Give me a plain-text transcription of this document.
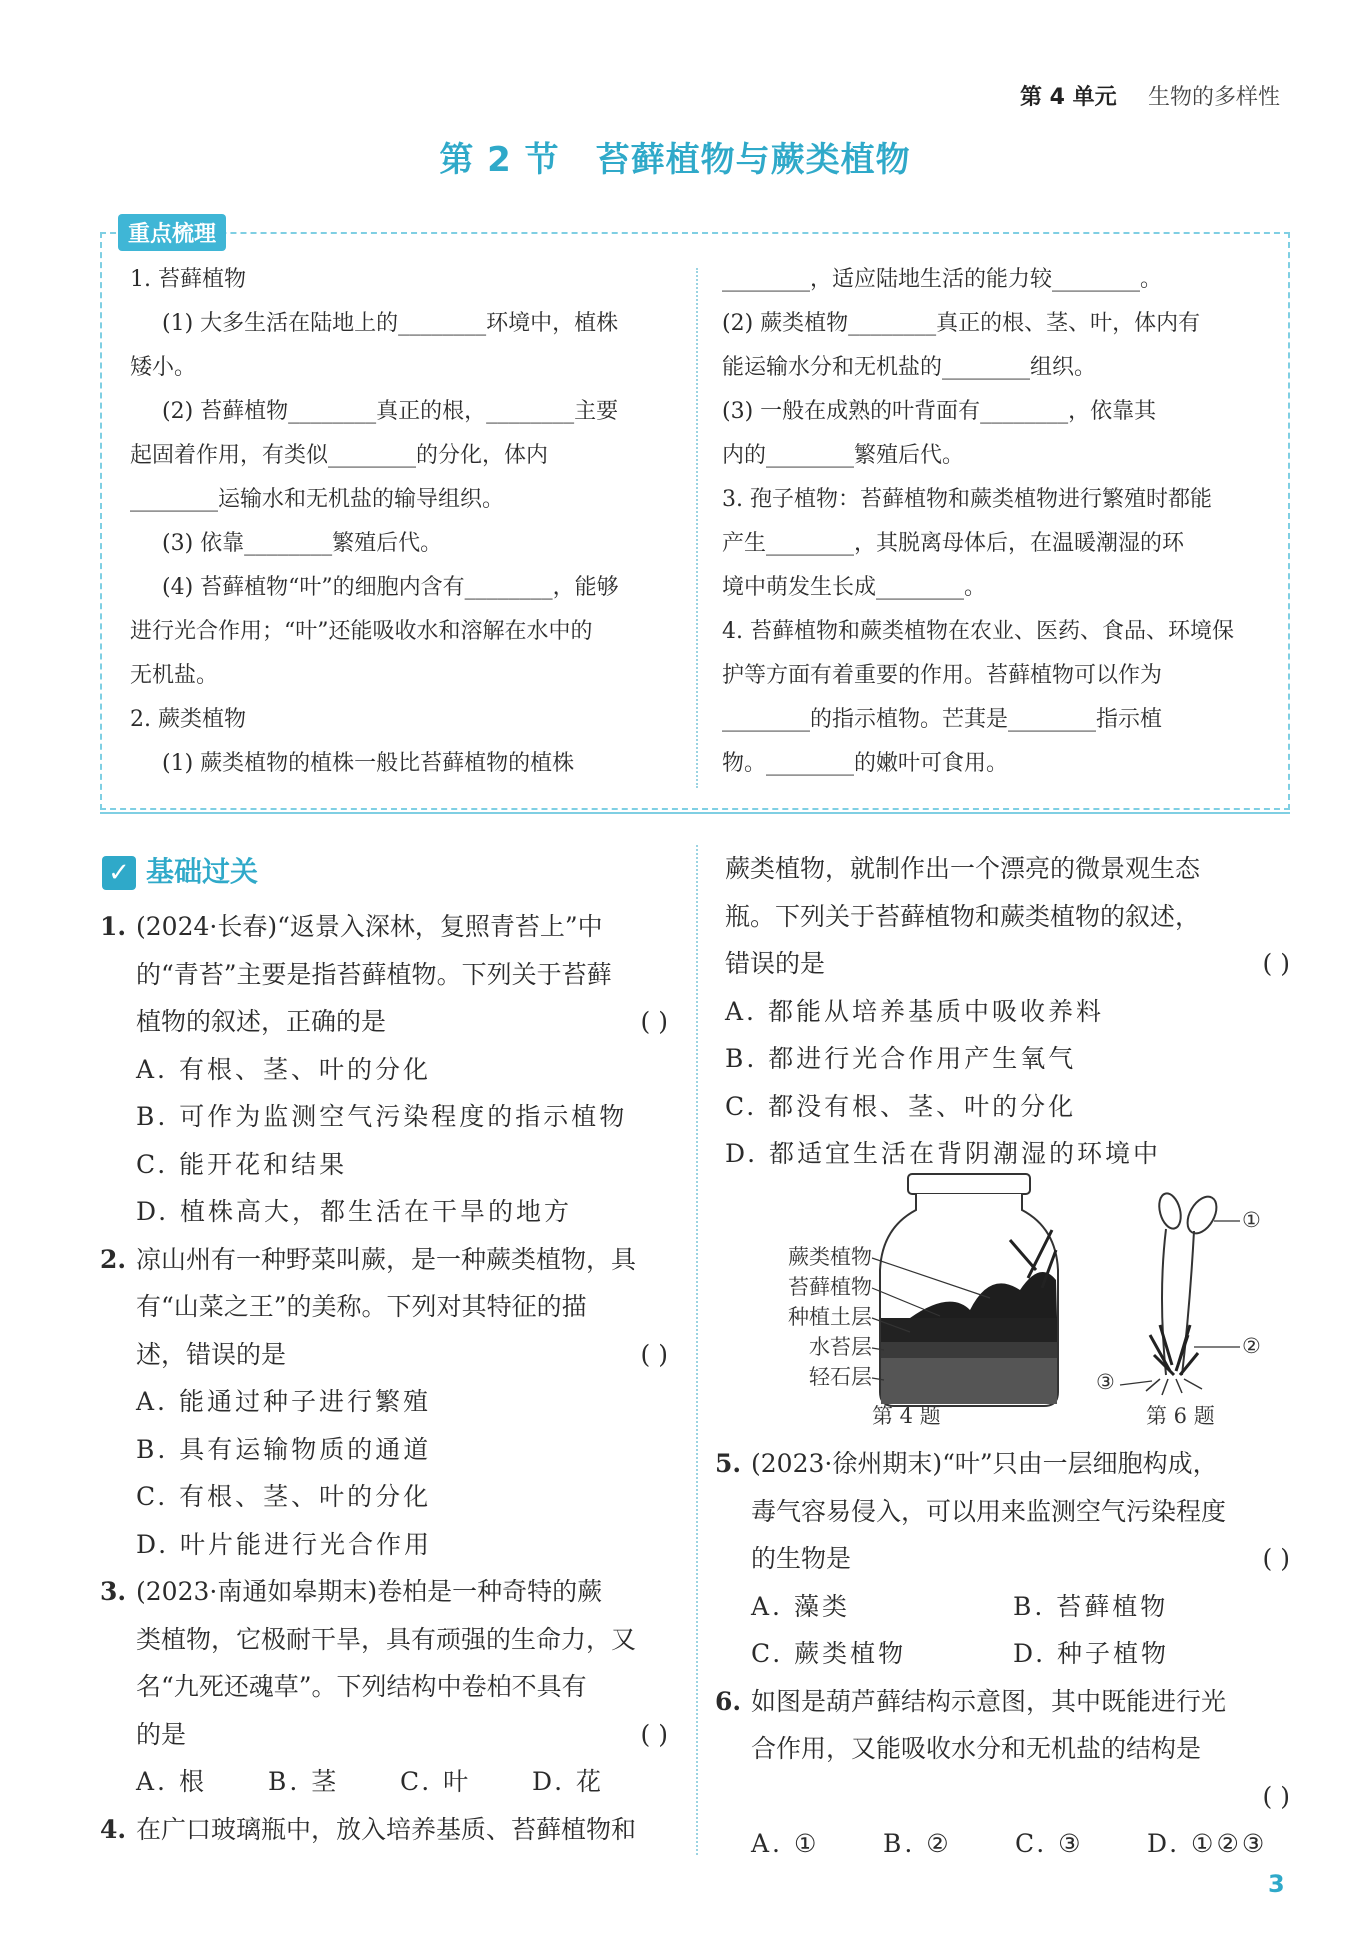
第 4 单元 生物的多样性
第 2 节 苔藓植物与蕨类植物
重点梳理

1. 苔藓植物

(1) 大多生活在陆地上的________环境中，植株

矮小。

(2) 苔藓植物________真正的根，________主要

起固着作用，有类似________的分化，体内

________运输水和无机盐的输导组织。

(3) 依靠________繁殖后代。

(4) 苔藓植物“叶”的细胞内含有________，能够

进行光合作用；“叶”还能吸收水和溶解在水中的

无机盐。

2. 蕨类植物

(1) 蕨类植物的植株一般比苔藓植物的植株

________，适应陆地生活的能力较________。

(2) 蕨类植物________真正的根、茎、叶，体内有

能运输水分和无机盐的________组织。

(3) 一般在成熟的叶背面有________，依靠其

内的________繁殖后代。

3. 孢子植物：苔藓植物和蕨类植物进行繁殖时都能

产生________，其脱离母体后，在温暖潮湿的环

境中萌发生长成________。

4. 苔藓植物和蕨类植物在农业、医药、食品、环境保

护等方面有着重要的作用。苔藓植物可以作为

________的指示植物。芒萁是________指示植

物。________的嫩叶可食用。

✓ 基础过关

1. (2024·长春)“返景入深林，复照青苔上”中

的“青苔”主要是指苔藓植物。下列关于苔藓

植物的叙述，正确的是	( )

A. 有根、茎、叶的分化

B. 可作为监测空气污染程度的指示植物

C. 能开花和结果

D. 植株高大，都生活在干旱的地方

2. 凉山州有一种野菜叫蕨，是一种蕨类植物，具

有“山菜之王”的美称。下列对其特征的描

述，错误的是	( )

A. 能通过种子进行繁殖

B. 具有运输物质的通道

C. 有根、茎、叶的分化

D. 叶片能进行光合作用

3. (2023·南通如皋期末)卷柏是一种奇特的蕨

类植物，它极耐干旱，具有顽强的生命力，又

名“九死还魂草”。下列结构中卷柏不具有

的是	( )

A. 根	B. 茎	C. 叶	D. 花

4. 在广口玻璃瓶中，放入培养基质、苔藓植物和

蕨类植物，就制作出一个漂亮的微景观生态

瓶。下列关于苔藓植物和蕨类植物的叙述，

错误的是	( )

A. 都能从培养基质中吸收养料

B. 都进行光合作用产生氧气

C. 都没有根、茎、叶的分化

D. 都适宜生活在背阴潮湿的环境中

蕨类植物
苔藓植物
种植土层
水苔层
轻石层
第 4 题
①
②
③
第 6 题

5. (2023·徐州期末)“叶”只由一层细胞构成，

毒气容易侵入，可以用来监测空气污染程度

的生物是	( )

A. 藻类	B. 苔藓植物

C. 蕨类植物	D. 种子植物

6. 如图是葫芦藓结构示意图，其中既能进行光

合作用，又能吸收水分和无机盐的结构是

( )

A. ①	B. ②	C. ③	D. ①②③

3
